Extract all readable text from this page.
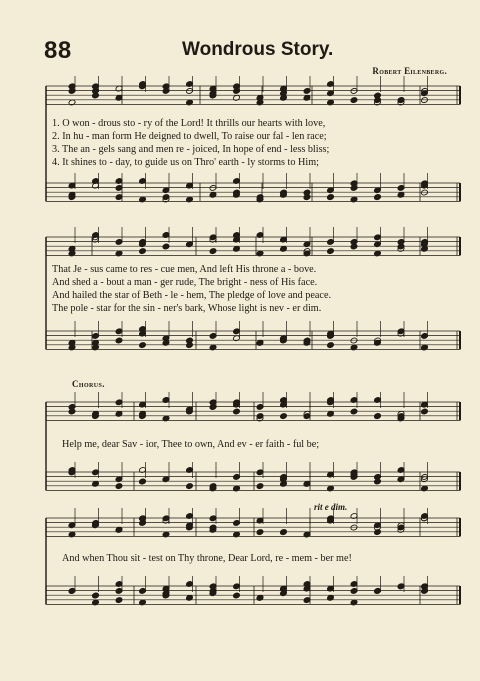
88	Wondrous Story.
Robert Eilenberg.
1. O won - drous sto - ry of the Lord! It thrills our hearts with love,
2. In hu - man form He deigned to dwell, To raise our fal - len race;
3. The an - gels sang and men re - joiced, In hope of end - less bliss;
4. It shines to - day, to guide us on Thro' earth - ly storms to Him;
That Je - sus came to res - cue men, And left His throne a - bove.
And shed a - bout a man - ger rude, The bright - ness of His face.
And hailed the star of Beth - le - hem, The pledge of love and peace.
The pole - star for the sin - ner's bark, Whose light is nev - er dim.
Chorus.
Help me, dear Sav - ior, Thee to own, And ev - er faith - ful be;
rit e dim.
And when Thou sit - test on Thy throne, Dear Lord, re - mem - ber me!
